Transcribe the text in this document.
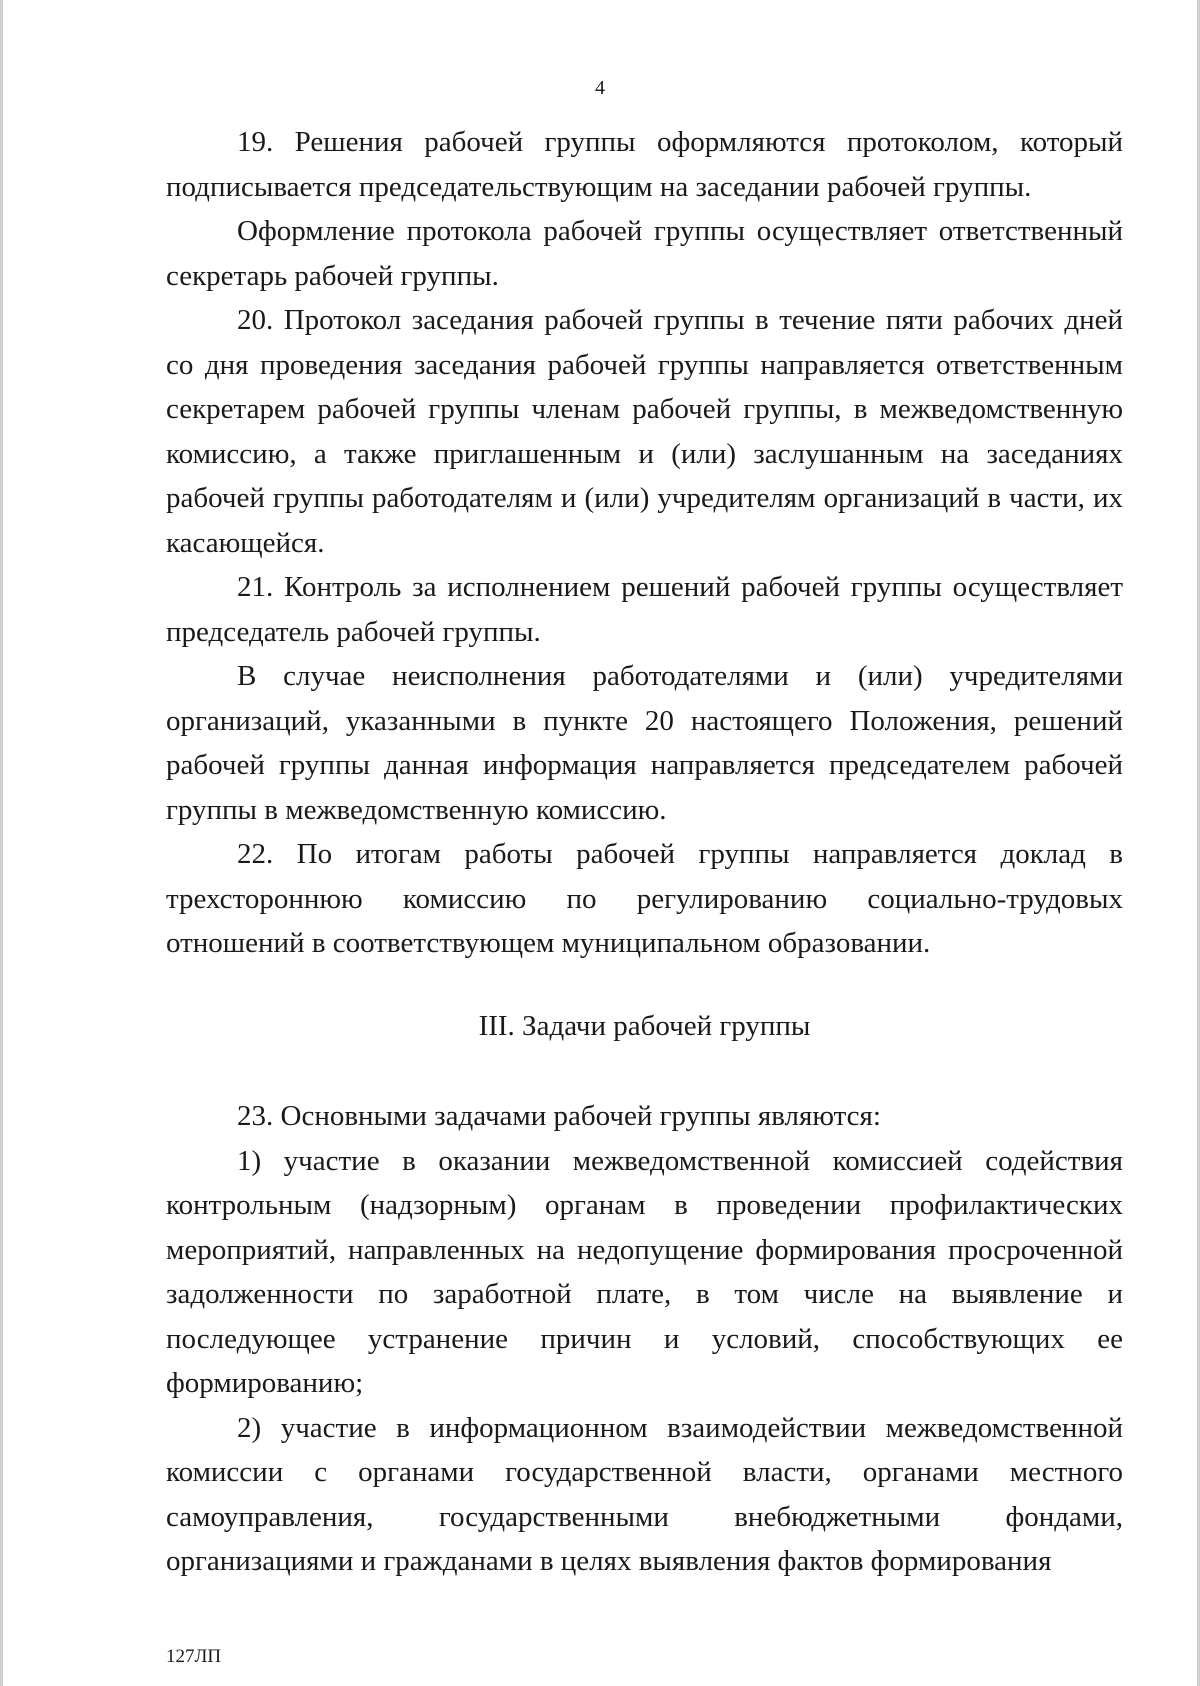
4

19. Решения рабочей группы оформляются протоколом, который подписывается председательствующим на заседании рабочей группы.

Оформление протокола рабочей группы осуществляет ответственный секретарь рабочей группы.

20. Протокол заседания рабочей группы в течение пяти рабочих дней со дня проведения заседания рабочей группы направляется ответственным секретарем рабочей группы членам рабочей группы, в межведомственную комиссию, а также приглашенным и (или) заслушанным на заседаниях рабочей группы работодателям и (или) учредителям организаций в части, их касающейся.

21. Контроль за исполнением решений рабочей группы осуществляет председатель рабочей группы.

В случае неисполнения работодателями и (или) учредителями организаций, указанными в пункте 20 настоящего Положения, решений рабочей группы данная информация направляется председателем рабочей группы в межведомственную комиссию.

22. По итогам работы рабочей группы направляется доклад в трехстороннюю комиссию по регулированию социально-трудовых отношений в соответствующем муниципальном образовании.

III. Задачи рабочей группы

23. Основными задачами рабочей группы являются:

1) участие в оказании межведомственной комиссией содействия контрольным (надзорным) органам в проведении профилактических мероприятий, направленных на недопущение формирования просроченной задолженности по заработной плате, в том числе на выявление и последующее устранение причин и условий, способствующих ее формированию;

2) участие в информационном взаимодействии межведомственной комиссии с органами государственной власти, органами местного самоуправления, государственными внебюджетными фондами, организациями и гражданами в целях выявления фактов формирования

127ЛП
